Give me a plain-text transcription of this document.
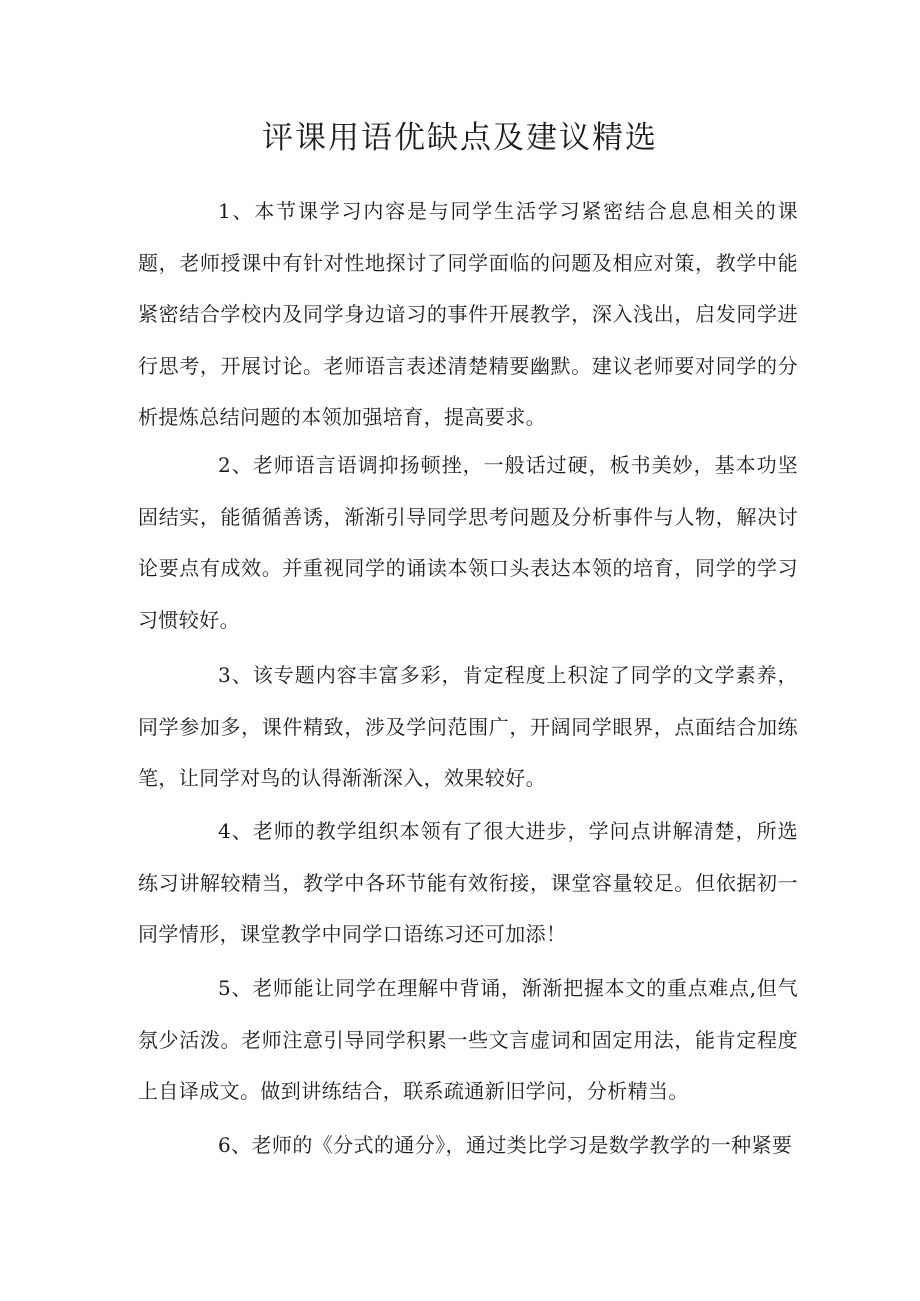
评课用语优缺点及建议精选

1、本节课学习内容是与同学生活学习紧密结合息息相关的课题，老师授课中有针对性地探讨了同学面临的问题及相应对策，教学中能紧密结合学校内及同学身边谙习的事件开展教学，深入浅出，启发同学进行思考，开展讨论。老师语言表述清楚精要幽默。建议老师要对同学的分析提炼总结问题的本领加强培育，提高要求。

2、老师语言语调抑扬顿挫，一般话过硬，板书美妙，基本功坚固结实，能循循善诱，渐渐引导同学思考问题及分析事件与人物，解决讨论要点有成效。并重视同学的诵读本领口头表达本领的培育，同学的学习习惯较好。

3、该专题内容丰富多彩，肯定程度上积淀了同学的文学素养，同学参加多，课件精致，涉及学问范围广，开阔同学眼界，点面结合加练笔，让同学对鸟的认得渐渐深入，效果较好。

4、老师的教学组织本领有了很大进步，学问点讲解清楚，所选练习讲解较精当，教学中各环节能有效衔接，课堂容量较足。但依据初一同学情形，课堂教学中同学口语练习还可加添！

5、老师能让同学在理解中背诵，渐渐把握本文的重点难点,但气氛少活泼。老师注意引导同学积累一些文言虚词和固定用法，能肯定程度上自译成文。做到讲练结合，联系疏通新旧学问，分析精当。

6、老师的《分式的通分》，通过类比学习是数学教学的一种紧要
